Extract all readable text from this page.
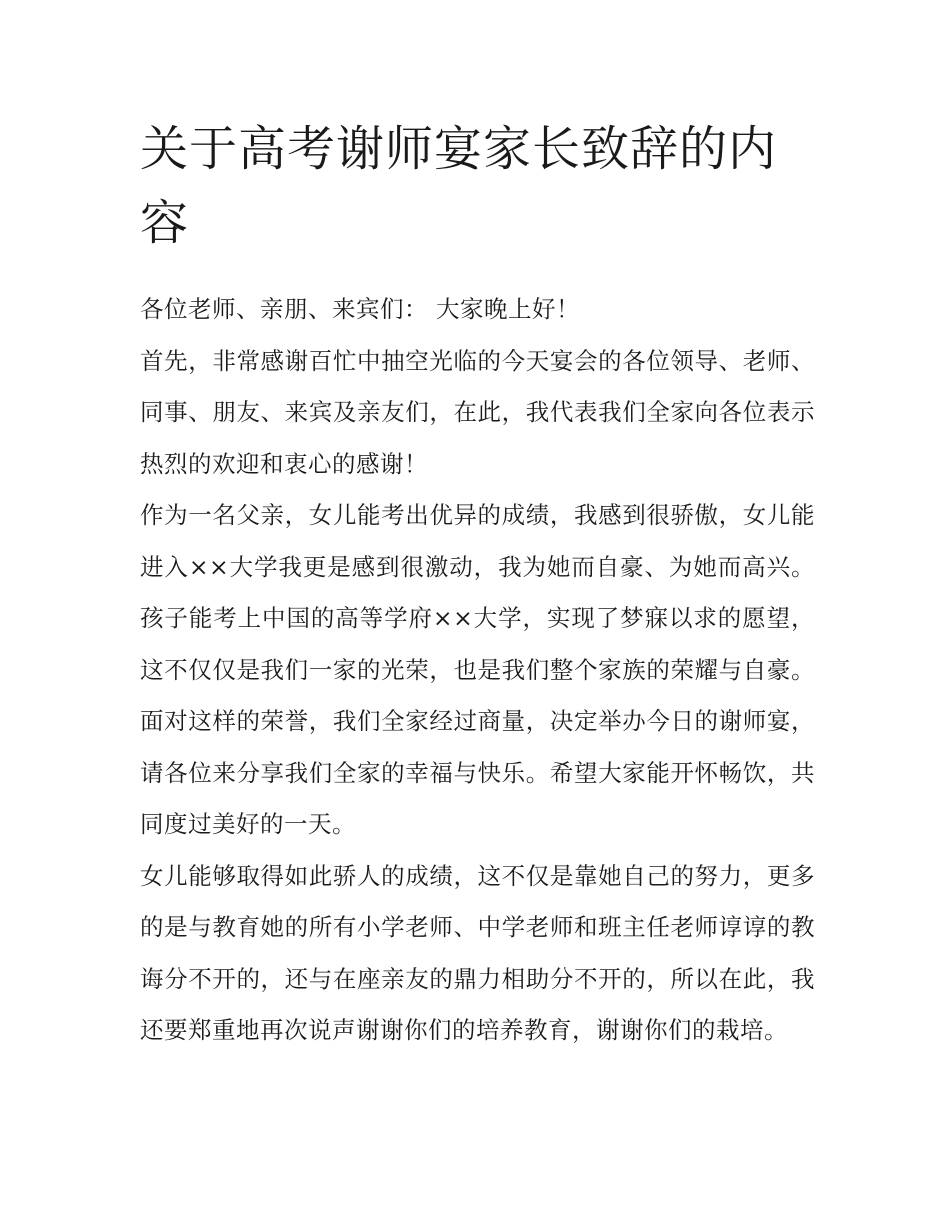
关于高考谢师宴家长致辞的内容

各位老师、亲朋、来宾们： 大家晚上好！

首先，非常感谢百忙中抽空光临的今天宴会的各位领导、老师、同事、朋友、来宾及亲友们，在此，我代表我们全家向各位表示热烈的欢迎和衷心的感谢！

作为一名父亲，女儿能考出优异的成绩，我感到很骄傲，女儿能进入××大学我更是感到很激动，我为她而自豪、为她而高兴。孩子能考上中国的高等学府××大学，实现了梦寐以求的愿望，这不仅仅是我们一家的光荣，也是我们整个家族的荣耀与自豪。面对这样的荣誉，我们全家经过商量，决定举办今日的谢师宴，请各位来分享我们全家的幸福与快乐。希望大家能开怀畅饮，共同度过美好的一天。

女儿能够取得如此骄人的成绩，这不仅是靠她自己的努力，更多的是与教育她的所有小学老师、中学老师和班主任老师谆谆的教诲分不开的，还与在座亲友的鼎力相助分不开的，所以在此，我还要郑重地再次说声谢谢你们的培养教育，谢谢你们的栽培。
